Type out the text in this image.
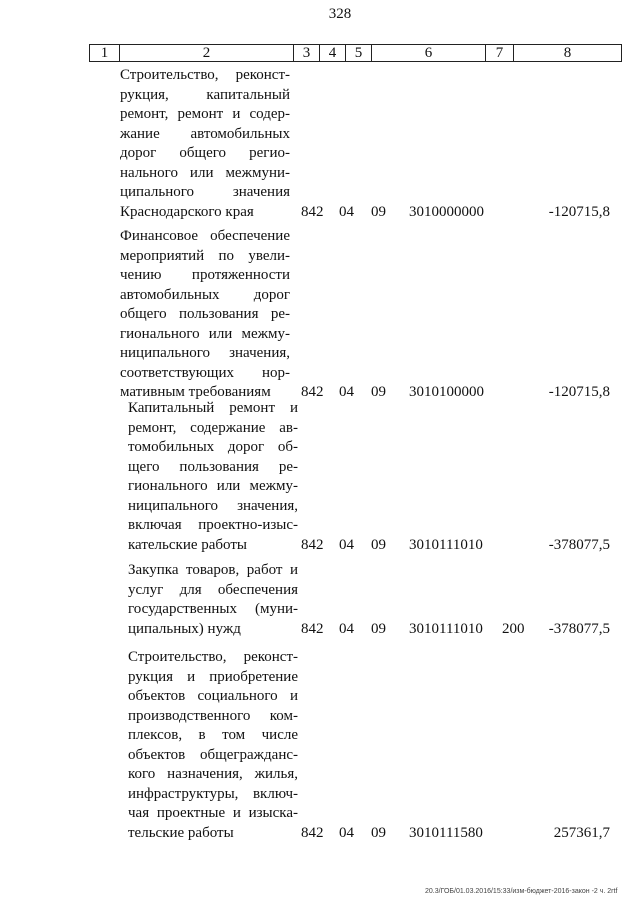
328
1	2	3	4	5	6	7	8
Строительство, реконст-
рукция, капитальный
ремонт, ремонт и содер-
жание автомобильных
дорог общего регио-
нального или межмуни-
ципального значения
Краснодарского края	842 04 09 3010000000	-120715,8
Финансовое обеспечение
мероприятий по увели-
чению протяженности
автомобильных дорог
общего пользования ре-
гионального или межму-
ниципального значения,
соответствующих нор-
мативным требованиям	842 04 09 3010100000	-120715,8
Капитальный ремонт и
ремонт, содержание ав-
томобильных дорог об-
щего пользования ре-
гионального или межму-
ниципального значения,
включая проектно-изыс-
кательские работы	842 04 09 3010111010	-378077,5
Закупка товаров, работ и
услуг для обеспечения
государственных (муни-
ципальных) нужд	842 04 09 3010111010 200 -378077,5
Строительство, реконст-
рукция и приобретение
объектов социального и
производственного ком-
плексов, в том числе
объектов общегражданс-
кого назначения, жилья,
инфраструктуры, включ-
чая проектные и изыска-
тельские работы	842 04 09 3010111580	257361,7
20.3/ГОБ/01.03.2016/15:33/изм-бюджет-2016-закон -2 ч. 2rtf
